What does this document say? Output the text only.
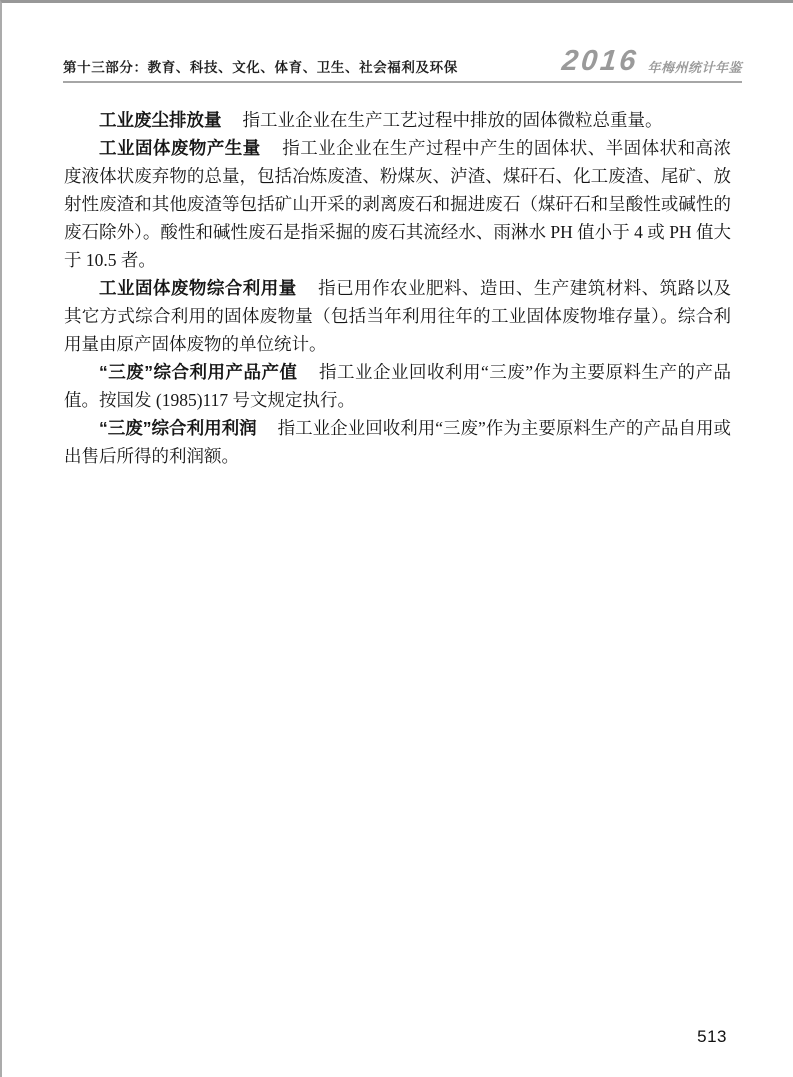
第十三部分：教育、科技、文化、体育、卫生、社会福利及环保	2016 年梅州统计年鉴

工业废尘排放量 指工业企业在生产工艺过程中排放的固体微粒总重量。

工业固体废物产生量 指工业企业在生产过程中产生的固体状、半固体状和高浓度液体状废弃物的总量，包括冶炼废渣、粉煤灰、泸渣、煤矸石、化工废渣、尾矿、放射性废渣和其他废渣等包括矿山开采的剥离废石和掘进废石（煤矸石和呈酸性或碱性的废石除外）。酸性和碱性废石是指采掘的废石其流经水、雨淋水 PH 值小于 4 或 PH 值大于 10.5 者。

工业固体废物综合利用量 指已用作农业肥料、造田、生产建筑材料、筑路以及其它方式综合利用的固体废物量（包括当年利用往年的工业固体废物堆存量）。综合利用量由原产固体废物的单位统计。

“三废”综合利用产品产值 指工业企业回收利用“三废”作为主要原料生产的产品值。按国发 (1985)117 号文规定执行。

“三废”综合利用利润 指工业企业回收利用“三废”作为主要原料生产的产品自用或出售后所得的利润额。

513
